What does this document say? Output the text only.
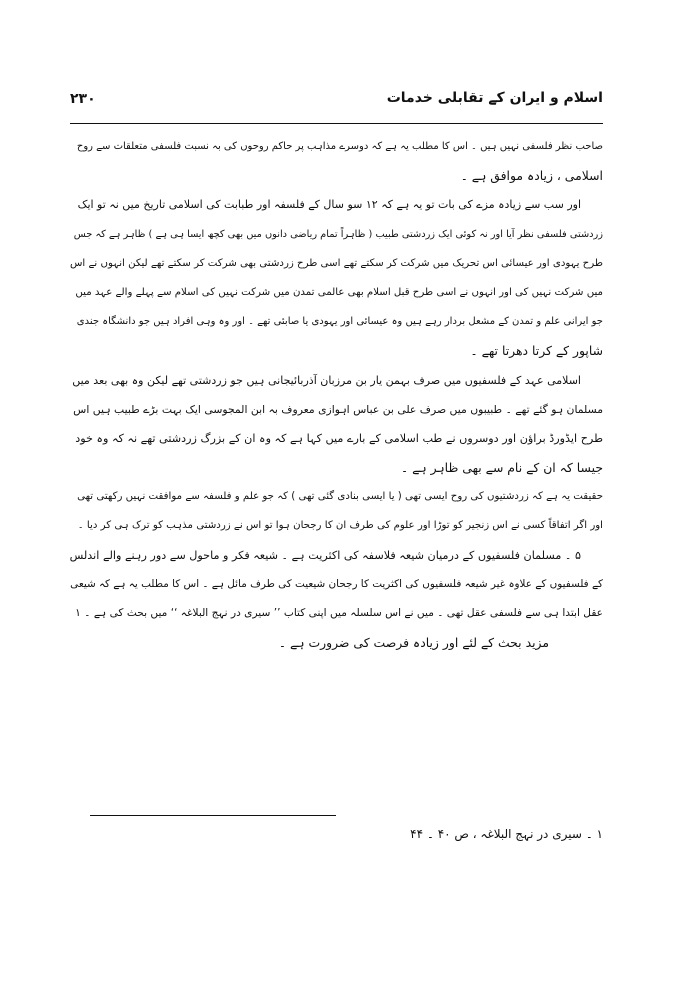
اسلام و ایران کے تقابلی خدمات
۲۳۰
صاحب نظر فلسفی نہیں ہیں ۔ اس کا مطلب یہ ہے کہ دوسرے مذاہب پر حاکم روحوں کی بہ نسبت فلسفی متعلقات سے روح
اسلامی ، زیادہ موافق ہے ۔
اور سب سے زیادہ مزے کی بات تو یہ ہے کہ ۱۲ سو سال کے فلسفہ اور طبابت کی اسلامی تاریخ میں نہ تو ایک
زردشتی فلسفی نظر آیا اور نہ کوئی ایک زردشتی طبیب ( ظاہراً تمام ریاضی دانوں میں بھی کچھ ایسا ہی ہے ) ظاہر ہے کہ جس
طرح یہودی اور عیسائی اس تحریک میں شرکت کر سکتے تھے اسی طرح زردشتی بھی شرکت کر سکتے تھے لیکن انہوں نے اس
میں شرکت نہیں کی اور انہوں نے اسی طرح قبل اسلام بھی عالمی تمدن میں شرکت نہیں کی اسلام سے پہلے والے عہد میں
جو ایرانی علم و تمدن کے مشعل بردار رہے ہیں وہ عیسائی اور یہودی یا صابئی تھے ۔ اور وہ وہی افراد ہیں جو دانشگاہ جندی
شاپور کے کرتا دھرتا تھے ۔
اسلامی عہد کے فلسفیوں میں صرف بہمن یار بن مرزبان آذربائیجانی ہیں جو زردشتی تھے لیکن وہ بھی بعد میں
مسلمان ہو گئے تھے ۔ طبیبوں میں صرف علی بن عباس اہوازی معروف بہ ابن المجوسی ایک بہت بڑے طبیب ہیں اس
طرح ایڈورڈ براؤن اور دوسروں نے طب اسلامی کے بارے میں کہا ہے کہ وہ ان کے بزرگ زردشتی تھے نہ کہ وہ خود
جیسا کہ ان کے نام سے بھی ظاہر ہے ۔
حقیقت یہ ہے کہ زردشتیوں کی روح ایسی تھی ( یا ایسی بنادی گئی تھی ) کہ جو علم و فلسفہ سے موافقت نہیں رکھتی تھی
اور اگر اتفاقاً کسی نے اس زنجیر کو توڑا اور علوم کی طرف ان کا رجحان ہوا تو اس نے زردشتی مذہب کو ترک ہی کر دیا ۔
۵ ۔ مسلمان فلسفیوں کے درمیان شیعہ فلاسفہ کی اکثریت ہے ۔ شیعہ فکر و ماحول سے دور رہنے والے اندلس
کے فلسفیوں کے علاوہ غیر شیعہ فلسفیوں کی اکثریت کا رجحان شیعیت کی طرف مائل ہے ۔ اس کا مطلب یہ ہے کہ شیعی
عقل ابتدا ہی سے فلسفی عقل تھی ۔ میں نے اس سلسلہ میں اپنی کتاب ’’ سیری در نہج البلاغہ ‘‘ میں بحث کی ہے ۔ ۱
مزید بحث کے لئے اور زیادہ فرصت کی ضرورت ہے ۔
۱ ۔ سیری در نہج البلاغہ ، ص ۴۰ ۔ ۴۴
